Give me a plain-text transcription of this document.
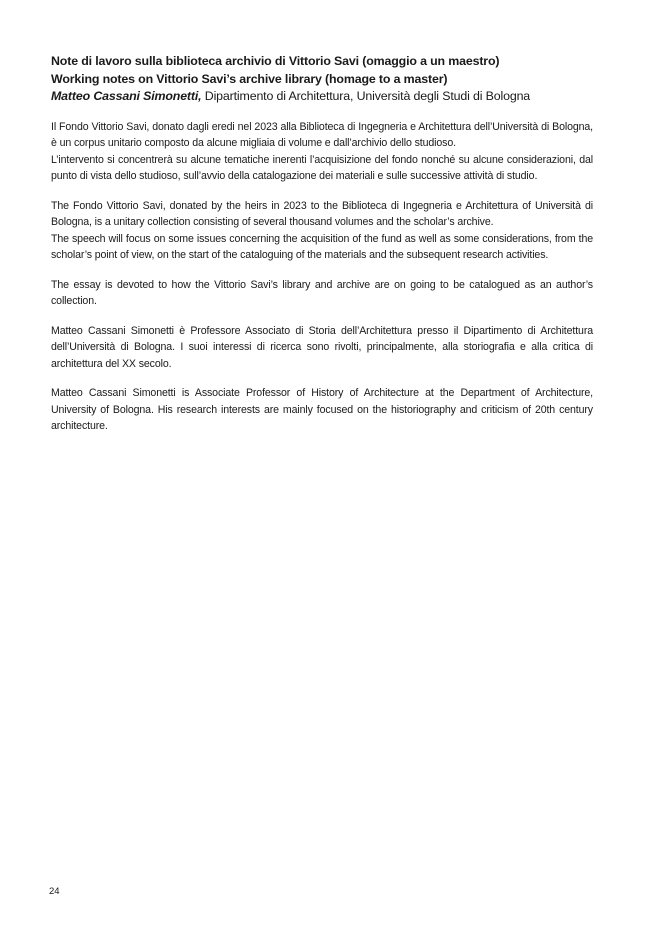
Note di lavoro sulla biblioteca archivio di Vittorio Savi (omaggio a un maestro)
Working notes on Vittorio Savi’s archive library (homage to a master)
Matteo Cassani Simonetti, Dipartimento di Architettura, Università degli Studi di Bologna

Il Fondo Vittorio Savi, donato dagli eredi nel 2023 alla Biblioteca di Ingegneria e Architettura dell’Università di Bologna, è un corpus unitario composto da alcune migliaia di volume e dall’archivio dello studioso.

L’intervento si concentrerà su alcune tematiche inerenti l’acquisizione del fondo nonché su alcune considerazioni, dal punto di vista dello studioso, sull’avvio della catalogazione dei materiali e sulle successive attività di studio.

The Fondo Vittorio Savi, donated by the heirs in 2023 to the Biblioteca di Ingegneria e Architettura of Università di Bologna, is a unitary collection consisting of several thousand volumes and the scholar’s archive.

The speech will focus on some issues concerning the acquisition of the fund as well as some considerations, from the scholar’s point of view, on the start of the cataloguing of the materials and the subsequent research activities.

The essay is devoted to how the Vittorio Savi’s library and archive are on going to be catalogued as an author’s collection.

Matteo Cassani Simonetti è Professore Associato di Storia dell’Architettura presso il Dipartimento di Architettura dell’Università di Bologna. I suoi interessi di ricerca sono rivolti, principalmente, alla storiografia e alla critica di architettura del XX secolo.

Matteo Cassani Simonetti is Associate Professor of History of Architecture at the Department of Architecture, University of Bologna. His research interests are mainly focused on the historiography and criticism of 20th century architecture.

24
